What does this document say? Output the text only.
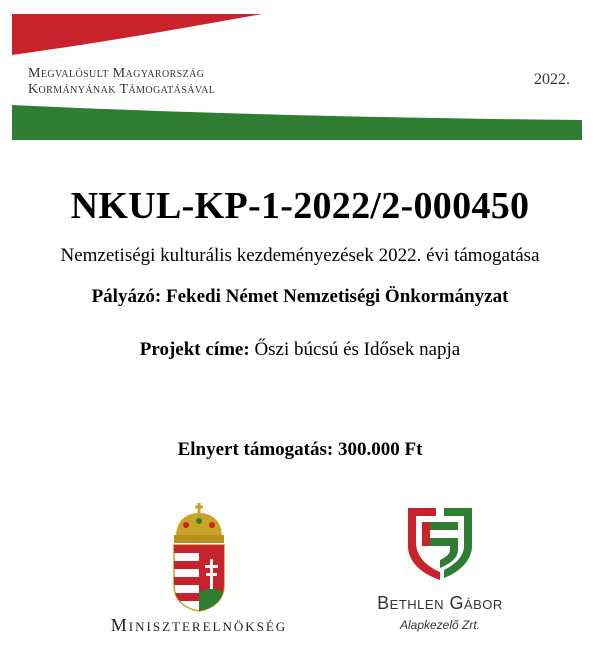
Megvalósult Magyarország
Kormányának Támogatásával
2022.
NKUL-KP-1-2022/2-000450
Nemzetiségi kulturális kezdeményezések 2022. évi támogatása
Pályázó: Fekedi Német Nemzetiségi Önkormányzat
Projekt címe: Őszi búcsú és Idősek napja
Elnyert támogatás: 300.000 Ft
Miniszterelnökség
Bethlen Gábor
Alapkezelő Zrt.
